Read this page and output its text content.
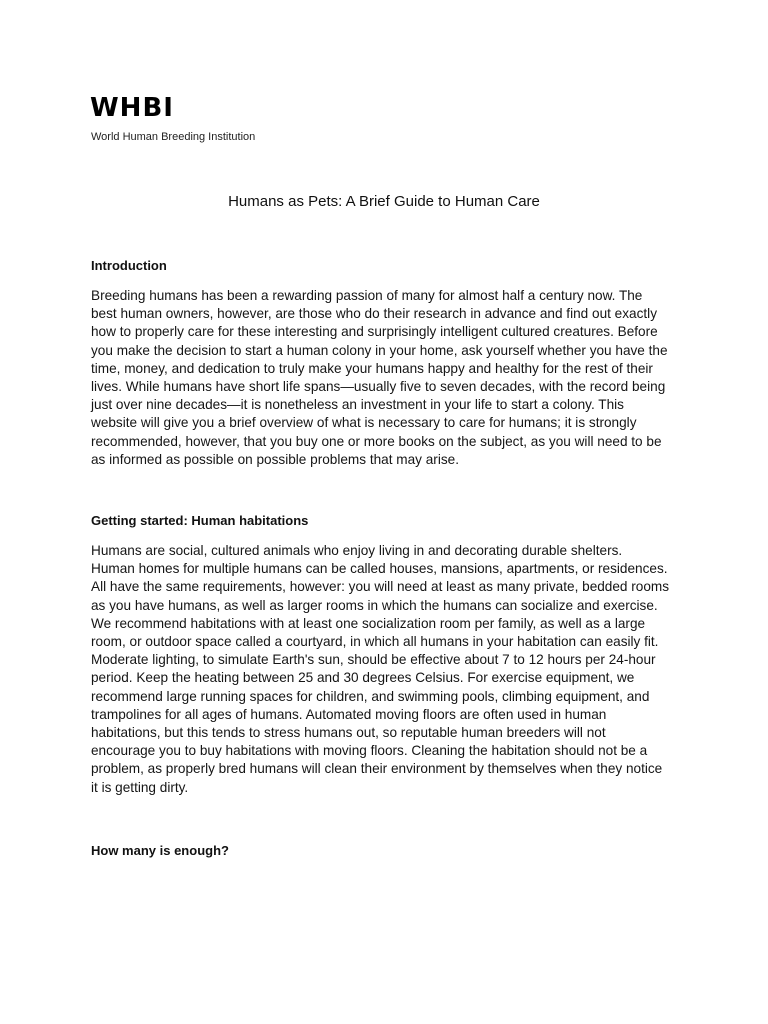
WHBI
World Human Breeding Institution
Humans as Pets: A Brief Guide to Human Care
Introduction

Breeding humans has been a rewarding passion of many for almost half a century now. The
best human owners, however, are those who do their research in advance and find out exactly
how to properly care for these interesting and surprisingly intelligent cultured creatures. Before
you make the decision to start a human colony in your home, ask yourself whether you have the
time, money, and dedication to truly make your humans happy and healthy for the rest of their
lives. While humans have short life spans—usually five to seven decades, with the record being
just over nine decades—it is nonetheless an investment in your life to start a colony. This
website will give you a brief overview of what is necessary to care for humans; it is strongly
recommended, however, that you buy one or more books on the subject, as you will need to be
as informed as possible on possible problems that may arise.

Getting started: Human habitations

Humans are social, cultured animals who enjoy living in and decorating durable shelters.
Human homes for multiple humans can be called houses, mansions, apartments, or residences.
All have the same requirements, however: you will need at least as many private, bedded rooms
as you have humans, as well as larger rooms in which the humans can socialize and exercise.
We recommend habitations with at least one socialization room per family, as well as a large
room, or outdoor space called a courtyard, in which all humans in your habitation can easily fit.
Moderate lighting, to simulate Earth's sun, should be effective about 7 to 12 hours per 24-hour
period. Keep the heating between 25 and 30 degrees Celsius. For exercise equipment, we
recommend large running spaces for children, and swimming pools, climbing equipment, and
trampolines for all ages of humans. Automated moving floors are often used in human
habitations, but this tends to stress humans out, so reputable human breeders will not
encourage you to buy habitations with moving floors. Cleaning the habitation should not be a
problem, as properly bred humans will clean their environment by themselves when they notice
it is getting dirty.

How many is enough?
